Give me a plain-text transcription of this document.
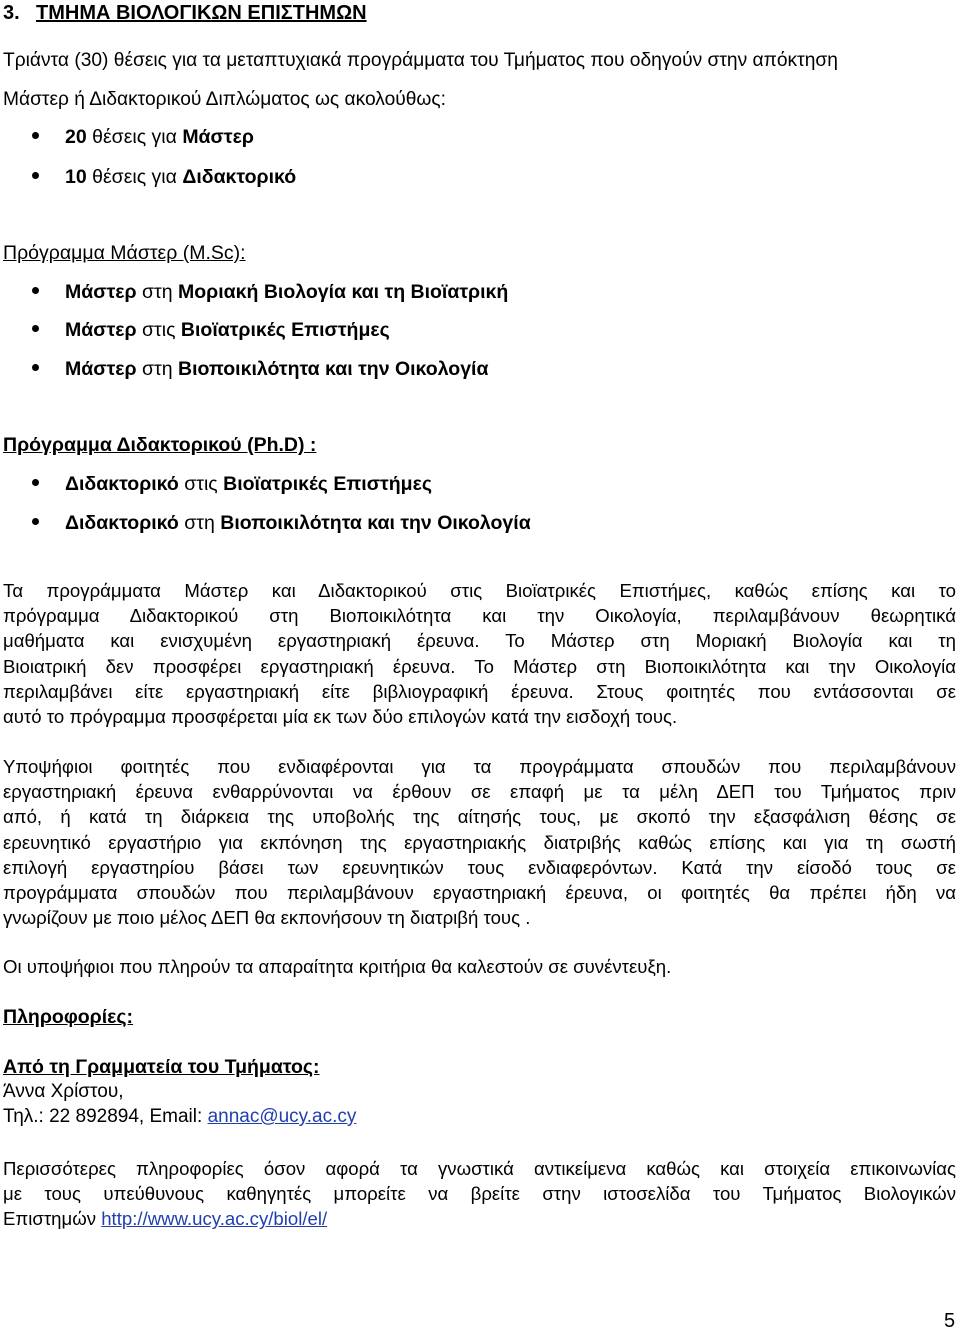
3. ΤΜΗΜΑ ΒΙΟΛΟΓΙΚΩΝ ΕΠΙΣΤΗΜΩΝ
Τριάντα (30) θέσεις για τα μεταπτυχιακά προγράμματα του Τμήματος που οδηγούν στην απόκτηση
Μάστερ ή Διδακτορικού Διπλώματος ως ακολούθως:
20 θέσεις για Μάστερ
10 θέσεις για Διδακτορικό
Πρόγραμμα Μάστερ (M.Sc):
Μάστερ στη Μοριακή Βιολογία και τη Βιοϊατρική
Μάστερ στις Βιοϊατρικές Επιστήμες
Μάστερ στη Βιοποικιλότητα και την Οικολογία
Πρόγραμμα Διδακτορικού (Ph.D) :
Διδακτορικό στις Βιοϊατρικές Επιστήμες
Διδακτορικό στη Βιοποικιλότητα και την Οικολογία
Τα προγράμματα Μάστερ και Διδακτορικού στις Βιοϊατρικές Επιστήμες, καθώς επίσης και το
πρόγραμμα Διδακτορικού στη Βιοποικιλότητα και την Οικολογία, περιλαμβάνουν θεωρητικά
μαθήματα και ενισχυμένη εργαστηριακή έρευνα. Το Μάστερ στη Μοριακή Βιολογία και τη
Βιοιατρική δεν προσφέρει εργαστηριακή έρευνα. Το Μάστερ στη Βιοποικιλότητα και την Οικολογία
περιλαμβάνει είτε εργαστηριακή είτε βιβλιογραφική έρευνα. Στους φοιτητές που εντάσσονται σε
αυτό το πρόγραμμα προσφέρεται μία εκ των δύο επιλογών κατά την εισδοχή τους.
Υποψήφιοι φοιτητές που ενδιαφέρονται για τα προγράμματα σπουδών που περιλαμβάνουν
εργαστηριακή έρευνα ενθαρρύνονται να έρθουν σε επαφή με τα μέλη ΔΕΠ του Τμήματος πριν
από, ή κατά τη διάρκεια της υποβολής της αίτησής τους, με σκοπό την εξασφάλιση θέσης σε
ερευνητικό εργαστήριο για εκπόνηση της εργαστηριακής διατριβής καθώς επίσης και για τη σωστή
επιλογή εργαστηρίου βάσει των ερευνητικών τους ενδιαφερόντων. Κατά την είσοδό τους σε
προγράμματα σπουδών που περιλαμβάνουν εργαστηριακή έρευνα, οι φοιτητές θα πρέπει ήδη να
γνωρίζουν με ποιο μέλος ΔΕΠ θα εκπονήσουν τη διατριβή τους .
Οι υποψήφιοι που πληρούν τα απαραίτητα κριτήρια θα καλεστούν σε συνέντευξη.
Πληροφορίες:
Από τη Γραμματεία του Τμήματος:
Άννα Χρίστου,
Τηλ.: 22 892894, Email: annac@ucy.ac.cy
Περισσότερες πληροφορίες όσον αφορά τα γνωστικά αντικείμενα καθώς και στοιχεία επικοινωνίας
με τους υπεύθυνους καθηγητές μπορείτε να βρείτε στην ιστοσελίδα του Τμήματος Βιολογικών
Επιστημών http://www.ucy.ac.cy/biol/el/
5
